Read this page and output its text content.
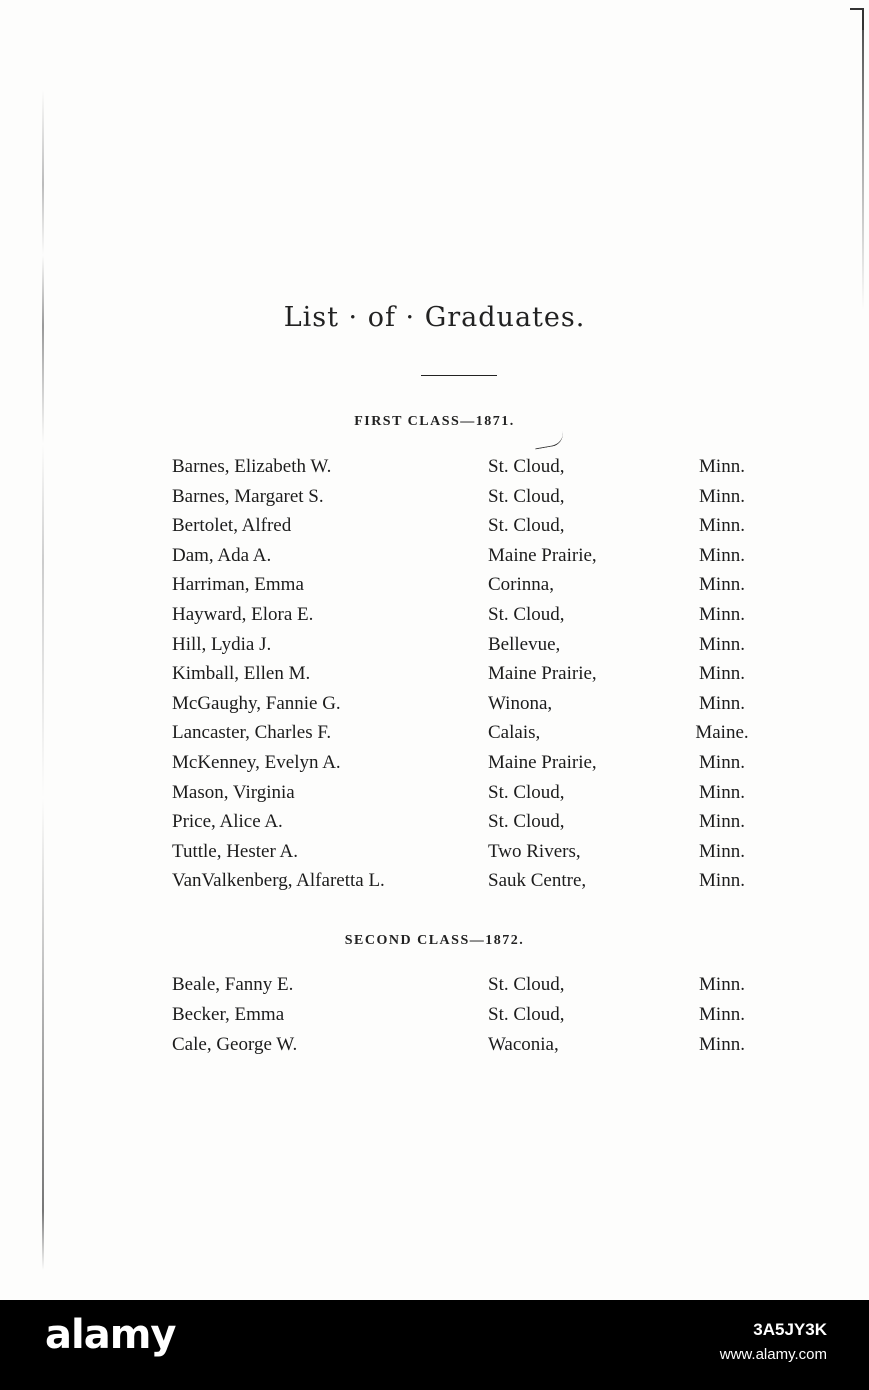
List · of · Graduates.
FIRST CLASS—1871.
Barnes, Elizabeth W.	St. Cloud,	Minn.
Barnes, Margaret S.	St. Cloud,	Minn.
Bertolet, Alfred	St. Cloud,	Minn.
Dam, Ada A.	Maine Prairie,	Minn.
Harriman, Emma	Corinna,	Minn.
Hayward, Elora E.	St. Cloud,	Minn.
Hill, Lydia J.	Bellevue,	Minn.
Kimball, Ellen M.	Maine Prairie,	Minn.
McGaughy, Fannie G.	Winona,	Minn.
Lancaster, Charles F.	Calais,	Maine.
McKenney, Evelyn A.	Maine Prairie,	Minn.
Mason, Virginia	St. Cloud,	Minn.
Price, Alice A.	St. Cloud,	Minn.
Tuttle, Hester A.	Two Rivers,	Minn.
VanValkenberg, Alfaretta L.	Sauk Centre,	Minn.
SECOND CLASS—1872.
Beale, Fanny E.	St. Cloud,	Minn.
Becker, Emma	St. Cloud,	Minn.
Cale, George W.	Waconia,	Minn.
alamy	3A5JY3K
www.alamy.com
